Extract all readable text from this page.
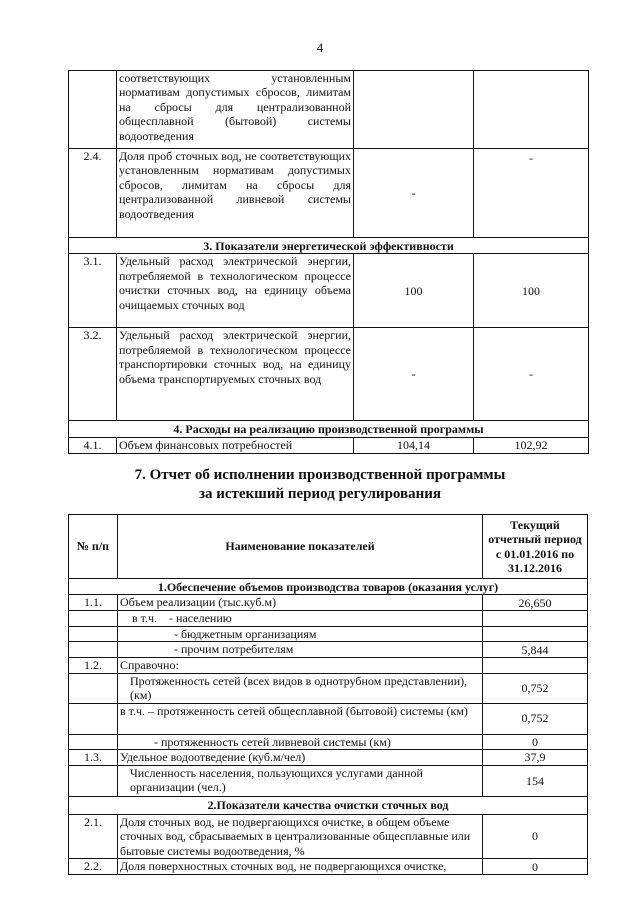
4
	соответствующих установленным нормативам допустимых сбросов, лимитам на сбросы для централизованной общесплавной (бытовой) системы водоотведения		
2.4.	Доля проб сточных вод, не соответствующих установленным нормативам допустимых сбросов, лимитам на сбросы для централизованной ливневой системы водоотведения	-	-
3. Показатели энергетической эффективности			
3.1.	Удельный расход электрической энергии, потребляемой в технологическом процессе очистки сточных вод, на единицу объема очищаемых сточных вод	100	100
3.2.	Удельный расход электрической энергии, потребляемой в технологическом процессе транспортировки сточных вод, на единицу объема транспортируемых сточных вод	-	-
4. Расходы на реализацию производственной программы			
4.1.	Объем финансовых потребностей	104,14	102,92
7. Отчет об исполнении производственной программы
за истекший период регулирования
№ п/п	Наименование показателей	Текущий отчетный период с 01.01.2016 по 31.12.2016
1.Обеспечение объемов производства товаров (оказания услуг)		
1.1.	Объем реализации (тыс.куб.м)	26,650
	в т.ч.    - населению	
	- бюджетным организациям	
	- прочим потребителям	5,844
1.2.	Справочно:	
	Протяженность сетей (всех видов в однотрубном представлении), (км)	0,752
	в т.ч. – протяженность сетей общесплавной (бытовой) системы (км)	0,752
	- протяженность сетей ливневой системы (км)	0
1.3.	Удельное водоотведение (куб.м/чел)	37,9
	Численность населения, пользующихся услугами данной организации (чел.)	154
2.Показатели качества очистки сточных вод		
2.1.	Доля сточных вод, не подвергающихся очистке, в общем объеме сточных вод, сбрасываемых в централизованные общесплавные или бытовые системы водоотведения, %	0
2.2.	Доля поверхностных сточных вод, не подвергающихся очистке,	0
